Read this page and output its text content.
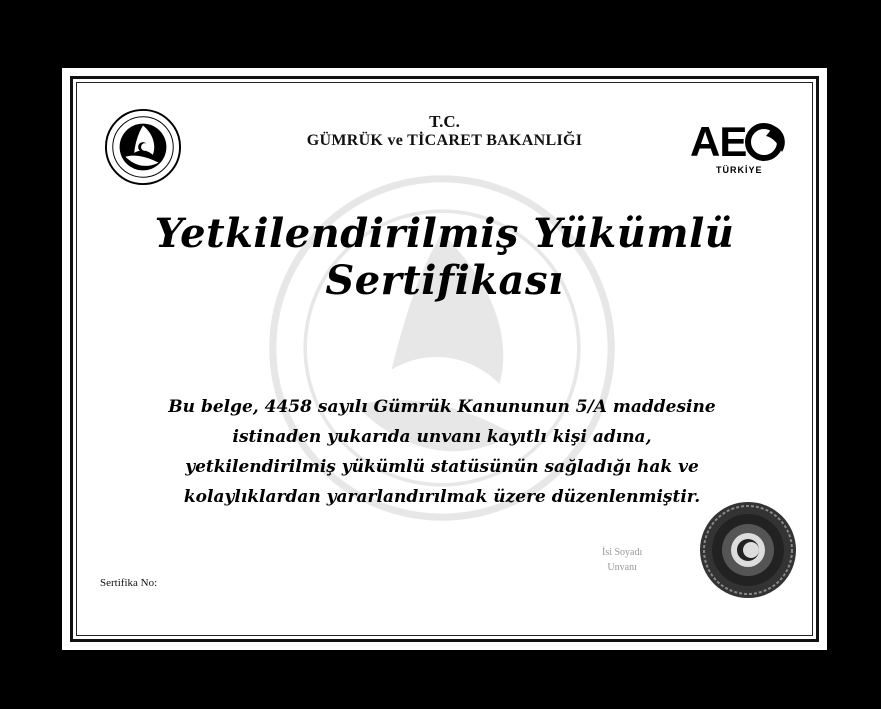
T.C.
GÜMRÜK ve TİCARET BAKANLIĞI	AE
TÜRKİYE
Yetkilendirilmiş Yükümlü Sertifikası
Bu belge, 4458 sayılı Gümrük Kanununun 5/A maddesine
istinaden yukarıda unvanı kayıtlı kişi adına,
yetkilendirilmiş yükümlü statüsünün sağladığı hak ve
kolaylıklardan yararlandırılmak üzere düzenlenmiştir.
Sertifika No:
İsi Soyadı
Unvanı
